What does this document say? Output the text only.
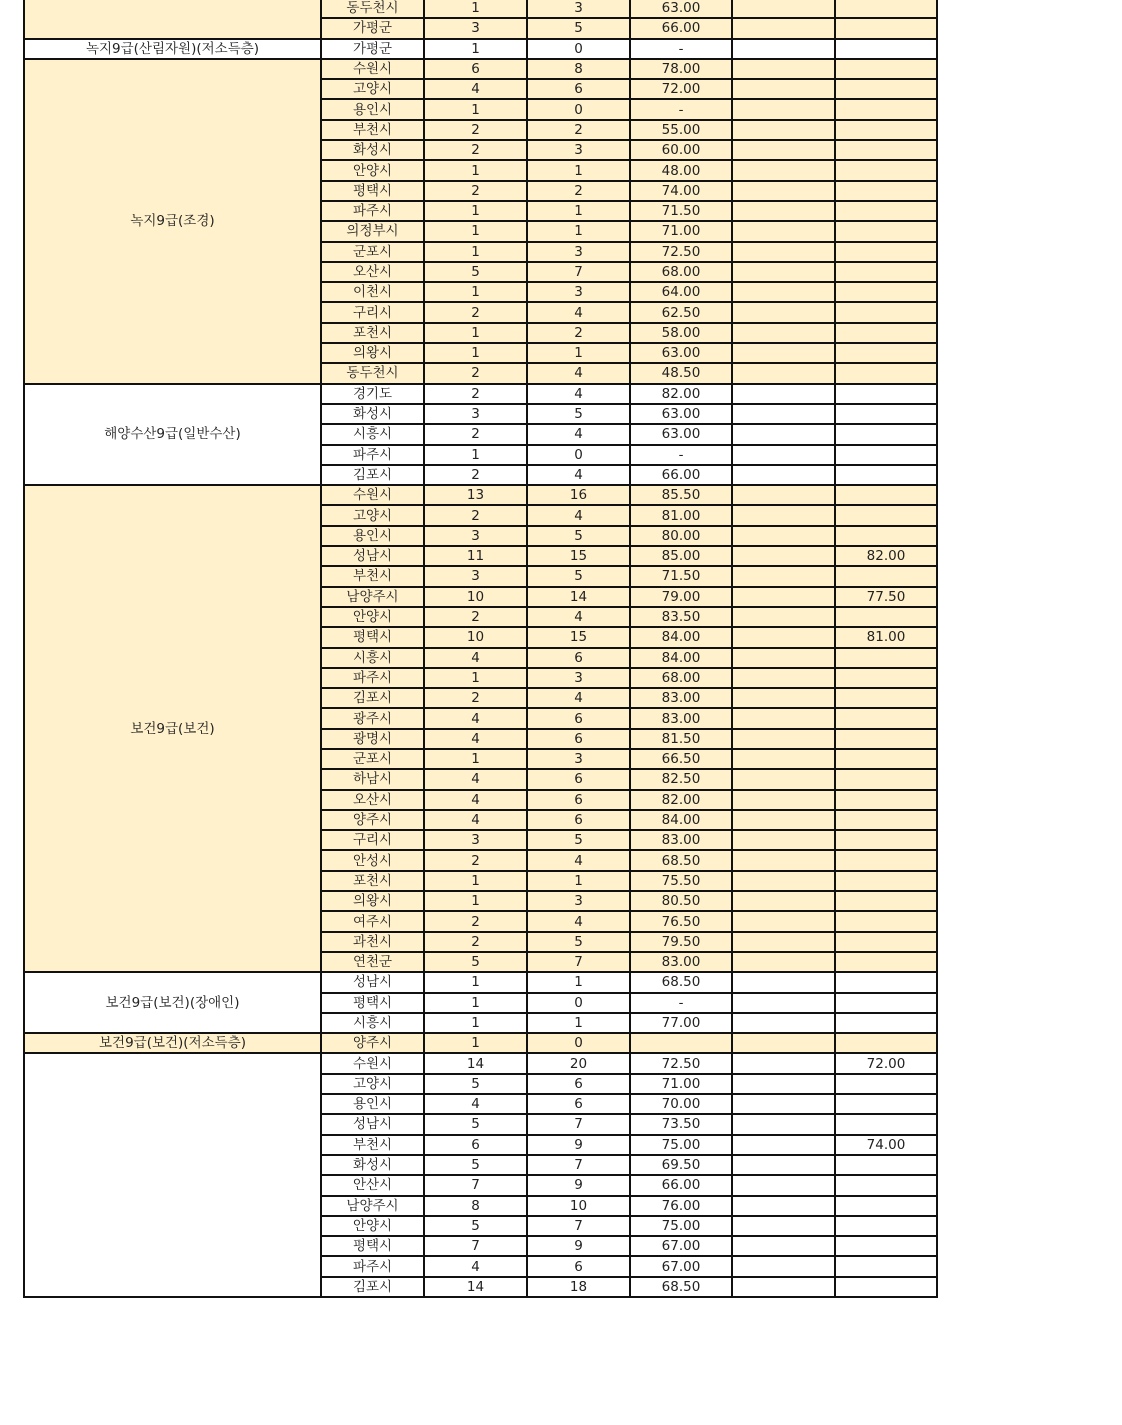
	동두천시	1	3	63.00		
	가평군	3	5	66.00		
녹지9급(산림자원)(저소득층)	가평군	1	0	-		
녹지9급(조경)	수원시	6	8	78.00		
	고양시	4	6	72.00		
	용인시	1	0	-		
	부천시	2	2	55.00		
	화성시	2	3	60.00		
	안양시	1	1	48.00		
	평택시	2	2	74.00		
	파주시	1	1	71.50		
	의정부시	1	1	71.00		
	군포시	1	3	72.50		
	오산시	5	7	68.00		
	이천시	1	3	64.00		
	구리시	2	4	62.50		
	포천시	1	2	58.00		
	의왕시	1	1	63.00		
	동두천시	2	4	48.50		
해양수산9급(일반수산)	경기도	2	4	82.00		
	화성시	3	5	63.00		
	시흥시	2	4	63.00		
	파주시	1	0	-		
	김포시	2	4	66.00		
보건9급(보건)	수원시	13	16	85.50		
	고양시	2	4	81.00		
	용인시	3	5	80.00		
	성남시	11	15	85.00		82.00
	부천시	3	5	71.50		
	남양주시	10	14	79.00		77.50
	안양시	2	4	83.50		
	평택시	10	15	84.00		81.00
	시흥시	4	6	84.00		
	파주시	1	3	68.00		
	김포시	2	4	83.00		
	광주시	4	6	83.00		
	광명시	4	6	81.50		
	군포시	1	3	66.50		
	하남시	4	6	82.50		
	오산시	4	6	82.00		
	양주시	4	6	84.00		
	구리시	3	5	83.00		
	안성시	2	4	68.50		
	포천시	1	1	75.50		
	의왕시	1	3	80.50		
	여주시	2	4	76.50		
	과천시	2	5	79.50		
	연천군	5	7	83.00		
보건9급(보건)(장애인)	성남시	1	1	68.50		
	평택시	1	0	-		
	시흥시	1	1	77.00		
보건9급(보건)(저소득층)	양주시	1	0			
	수원시	14	20	72.50		72.00
	고양시	5	6	71.00		
	용인시	4	6	70.00		
	성남시	5	7	73.50		
	부천시	6	9	75.00		74.00
	화성시	5	7	69.50		
	안산시	7	9	66.00		
	남양주시	8	10	76.00		
	안양시	5	7	75.00		
	평택시	7	9	67.00		
	파주시	4	6	67.00		
	김포시	14	18	68.50		
